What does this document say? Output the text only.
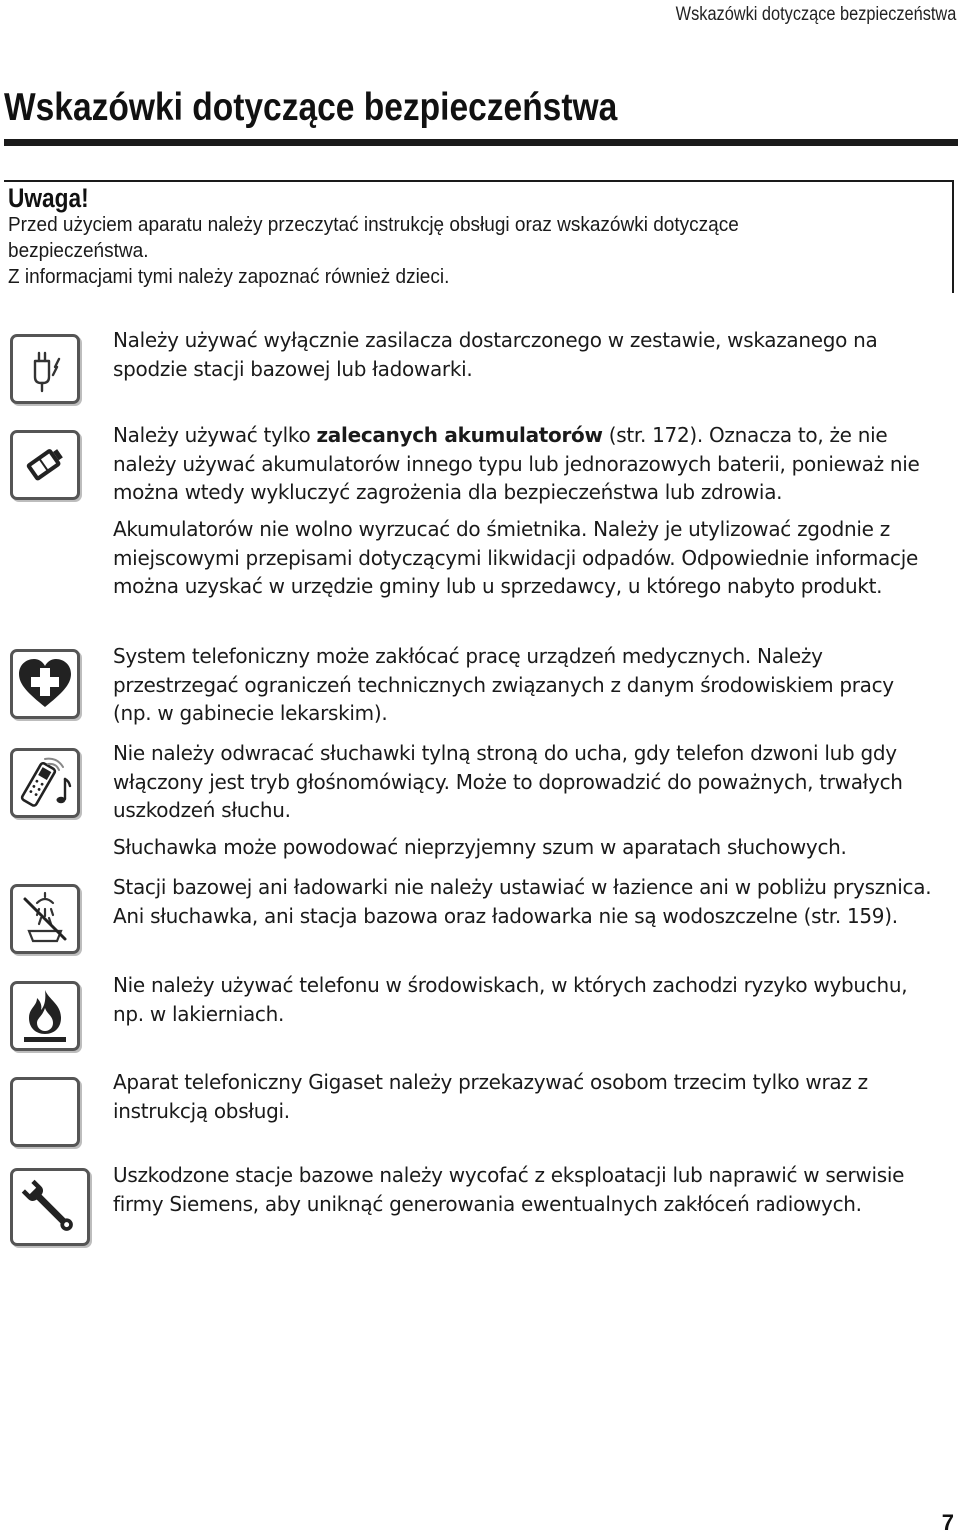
Wskazówki dotyczące bezpieczeństwa
Wskazówki dotyczące bezpieczeństwa
Uwaga!
Przed użyciem aparatu należy przeczytać instrukcję obsługi oraz wskazówki dotyczące
bezpieczeństwa.
Z informacjami tymi należy zapoznać również dzieci.

Należy używać wyłącznie zasilacza dostarczonego w zestawie, wskazanego na spodzie stacji bazowej lub ładowarki.

Należy używać tylko zalecanych akumulatorów (str. 172). Oznacza to, że nie należy używać akumulatorów innego typu lub jednorazowych baterii, ponieważ nie można wtedy wykluczyć zagrożenia dla bezpieczeństwa lub zdrowia.

Akumulatorów nie wolno wyrzucać do śmietnika. Należy je utylizować zgodnie z miejscowymi przepisami dotyczącymi likwidacji odpadów. Odpowiednie informacje można uzyskać w urzędzie gminy lub u sprzedawcy, u którego nabyto produkt.

System telefoniczny może zakłócać pracę urządzeń medycznych. Należy przestrzegać ograniczeń technicznych związanych z danym środowiskiem pracy (np. w gabinecie lekarskim).

Nie należy odwracać słuchawki tylną stroną do ucha, gdy telefon dzwoni lub gdy włączony jest tryb głośnomówiący. Może to doprowadzić do poważnych, trwałych uszkodzeń słuchu.

Słuchawka może powodować nieprzyjemny szum w aparatach słuchowych.

Stacji bazowej ani ładowarki nie należy ustawiać w łazience ani w pobliżu prysznica. Ani słuchawka, ani stacja bazowa oraz ładowarka nie są wodoszczelne (str. 159).

Nie należy używać telefonu w środowiskach, w których zachodzi ryzyko wybuchu, np. w lakierniach.

Aparat telefoniczny Gigaset należy przekazywać osobom trzecim tylko wraz z instrukcją obsługi.

Uszkodzone stacje bazowe należy wycofać z eksploatacji lub naprawić w serwisie firmy Siemens, aby uniknąć generowania ewentualnych zakłóceń radiowych.

7
